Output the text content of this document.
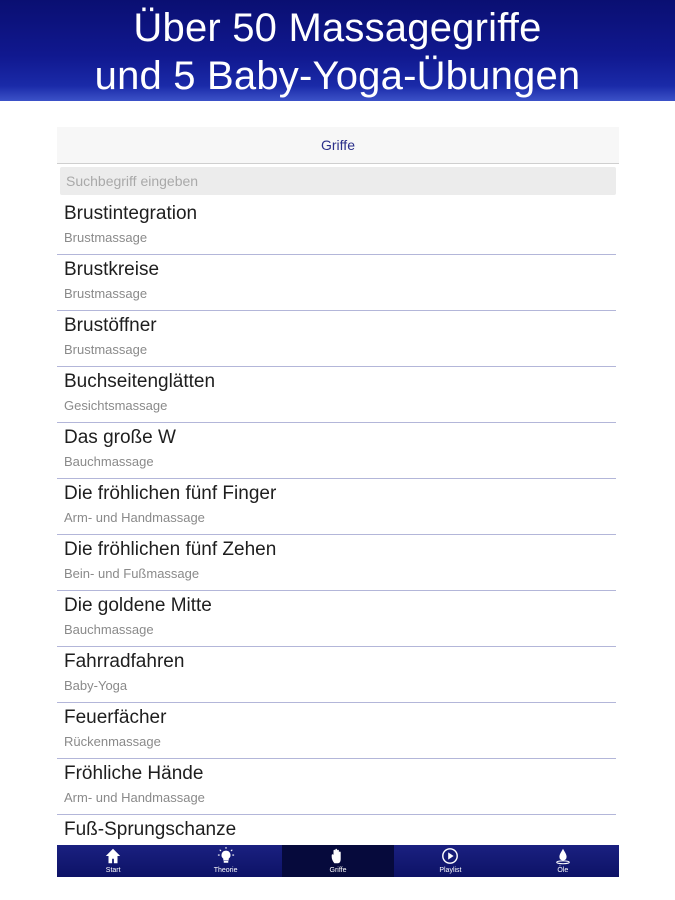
Über 50 Massagegriffe
und 5 Baby-Yoga-Übungen
Griffe
Suchbegriff eingeben
Brustintegration
Brustmassage
Brustkreise
Brustmassage
Brustöffner
Brustmassage
Buchseitenglätten
Gesichtsmassage
Das große W
Bauchmassage
Die fröhlichen fünf Finger
Arm- und Handmassage
Die fröhlichen fünf Zehen
Bein- und Fußmassage
Die goldene Mitte
Bauchmassage
Fahrradfahren
Baby-Yoga
Feuerfächer
Rückenmassage
Fröhliche Hände
Arm- und Handmassage
Fuß-Sprungschanze
Start	Theorie	Griffe	Playlist	Öle
